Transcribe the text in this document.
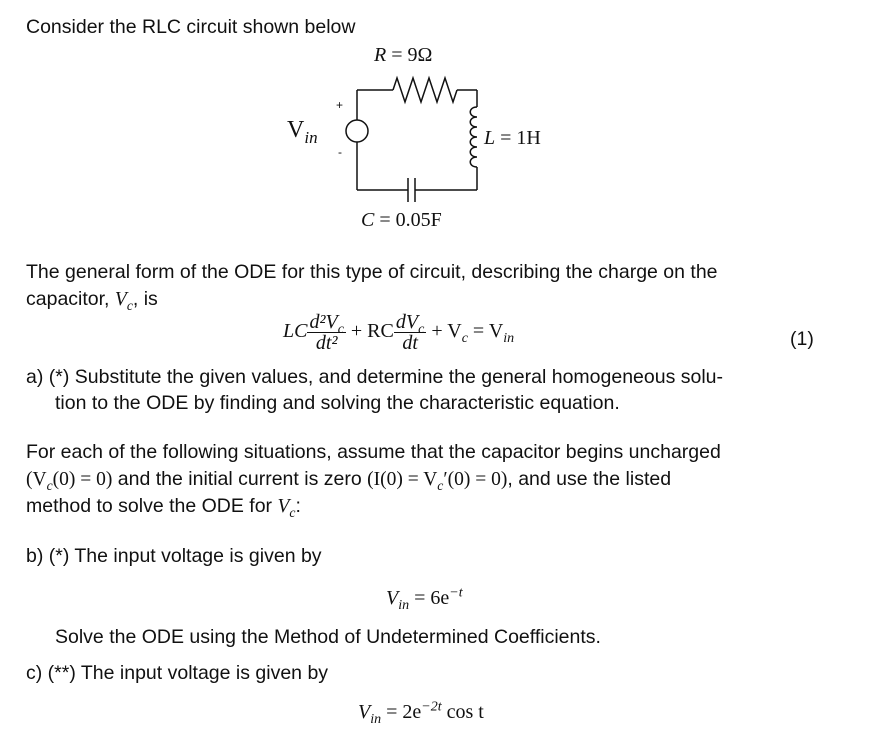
Consider the RLC circuit shown below
R = 9Ω
L = 1H
C = 0.05F
$V_{in}$
+
-
The general form of the ODE for this type of circuit, describing the charge on the
capacitor, $V_c$, is
LC $\frac{d^2V_c}{\text{dt²}}$ + RC $\frac{dV_c}{dt} + V_c = V_{in}$	(1)
a) (*) Substitute the given values, and determine the general homogeneous solu-
tion to the ODE by finding and solving the characteristic equation.
For each of the following situations, assume that the capacitor begins uncharged
$(V_c(0) = 0)$ and the initial current is zero $(I(0) = V_c'(0) = 0)$, and use the listed
method to solve the ODE for $V_c$:
b) (*) The input voltage is given by
$V_{in} = 6e^{-t}$
Solve the ODE using the Method of Undetermined Coefficients.
c) (**) The input voltage is given by
$V_{in} = 2e^{-2t}$ cos t
